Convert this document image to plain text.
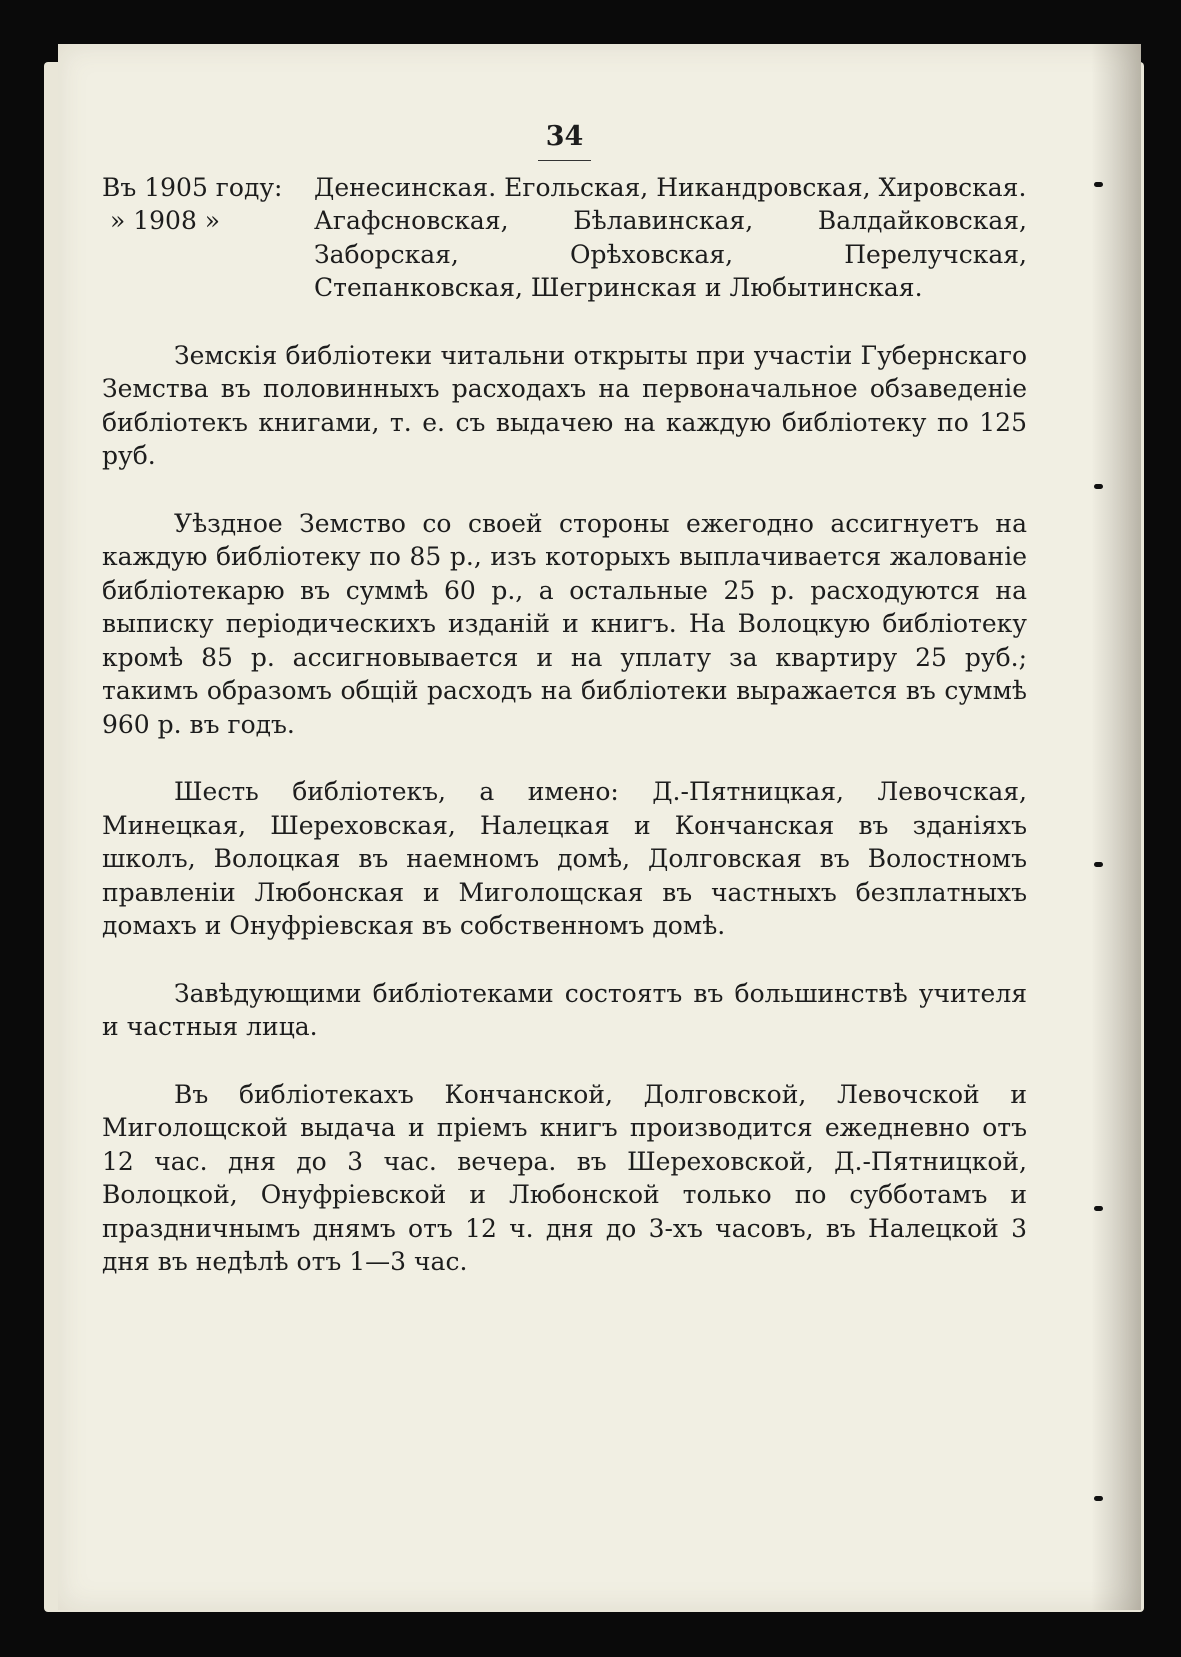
34
Въ 1905 году:	Денесинская. Егольская, Никандровская, Хировская.
» 1908 »	Агафсновская, Бѣлавинская, Валдайковская, Заборская, Орѣховская, Перелучская, Степанковская, Шегринская и Любытинская.

Земскія библіотеки читальни открыты при участіи Губернскаго Земства въ половинныхъ расходахъ на первоначальное обзаведеніе библіотекъ книгами, т. е. съ выдачею на каждую библіотеку по 125 руб.

Уѣздное Земство со своей стороны ежегодно ассигнуетъ на каждую библіотеку по 85 р., изъ которыхъ выплачивается жалованіе библіотекарю въ суммѣ 60 р., а остальные 25 р. расходуются на выписку періодическихъ изданій и книгъ. На Волоцкую библіотеку кромѣ 85 р. ассигновывается и на уплату за квартиру 25 руб.; такимъ образомъ общій расходъ на библіотеки выражается въ суммѣ 960 р. въ годъ.

Шесть библіотекъ, а имено: Д.-Пятницкая, Левочская, Минецкая, Шереховская, Налецкая и Кончанская въ зданіяхъ школъ, Волоцкая въ наемномъ домѣ, Долговская въ Волостномъ правленіи Любонская и Миголощская въ частныхъ безплатныхъ домахъ и Онуфріевская въ собственномъ домѣ.

Завѣдующими библіотеками состоятъ въ большинствѣ учителя и частныя лица.

Въ библіотекахъ Кончанской, Долговской, Левочской и Миголощской выдача и пріемъ книгъ производится ежедневно отъ 12 час. дня до 3 час. вечера. въ Шереховской, Д.-Пятницкой, Волоцкой, Онуфріевской и Любонской только по субботамъ и праздничнымъ днямъ отъ 12 ч. дня до 3-хъ часовъ, въ Налецкой 3 дня въ недѣлѣ отъ 1—3 час.
